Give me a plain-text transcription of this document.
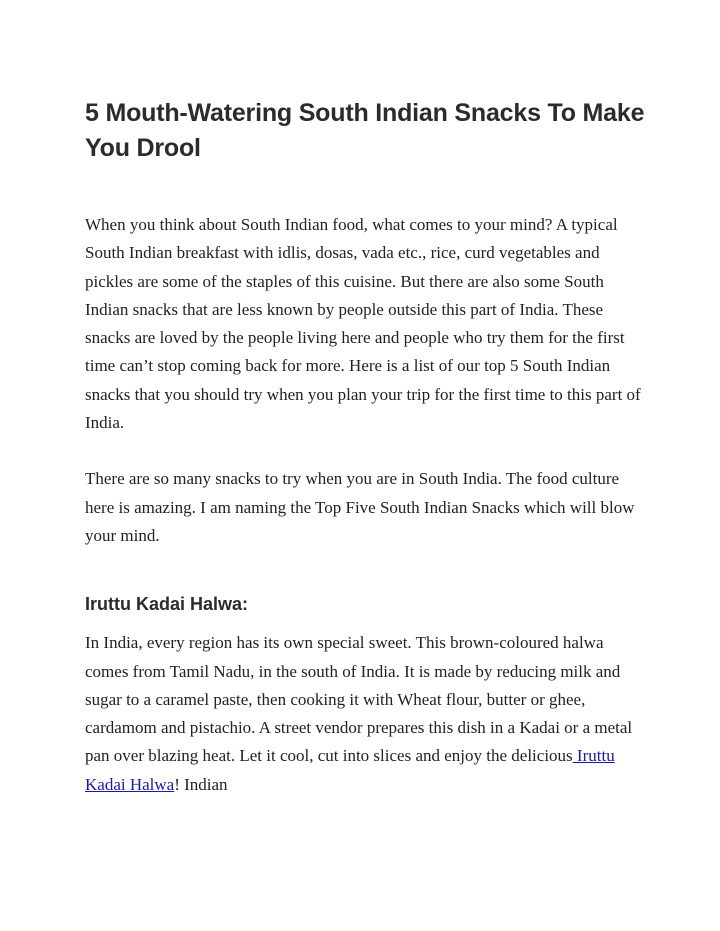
5 Mouth-Watering South Indian Snacks To Make You Drool

When you think about South Indian food, what comes to your mind? A typical South Indian breakfast with idlis, dosas, vada etc., rice, curd vegetables and pickles are some of the staples of this cuisine. But there are also some South Indian snacks that are less known by people outside this part of India. These snacks are loved by the people living here and people who try them for the first time can’t stop coming back for more. Here is a list of our top 5 South Indian snacks that you should try when you plan your trip for the first time to this part of India.

There are so many snacks to try when you are in South India. The food culture here is amazing. I am naming the Top Five South Indian Snacks which will blow your mind.

Iruttu Kadai Halwa:

In India, every region has its own special sweet. This brown-coloured halwa comes from Tamil Nadu, in the south of India. It is made by reducing milk and sugar to a caramel paste, then cooking it with Wheat flour, butter or ghee, cardamom and pistachio. A street vendor prepares this dish in a Kadai or a metal pan over blazing heat. Let it cool, cut into slices and enjoy the delicious Iruttu Kadai Halwa! Indian
